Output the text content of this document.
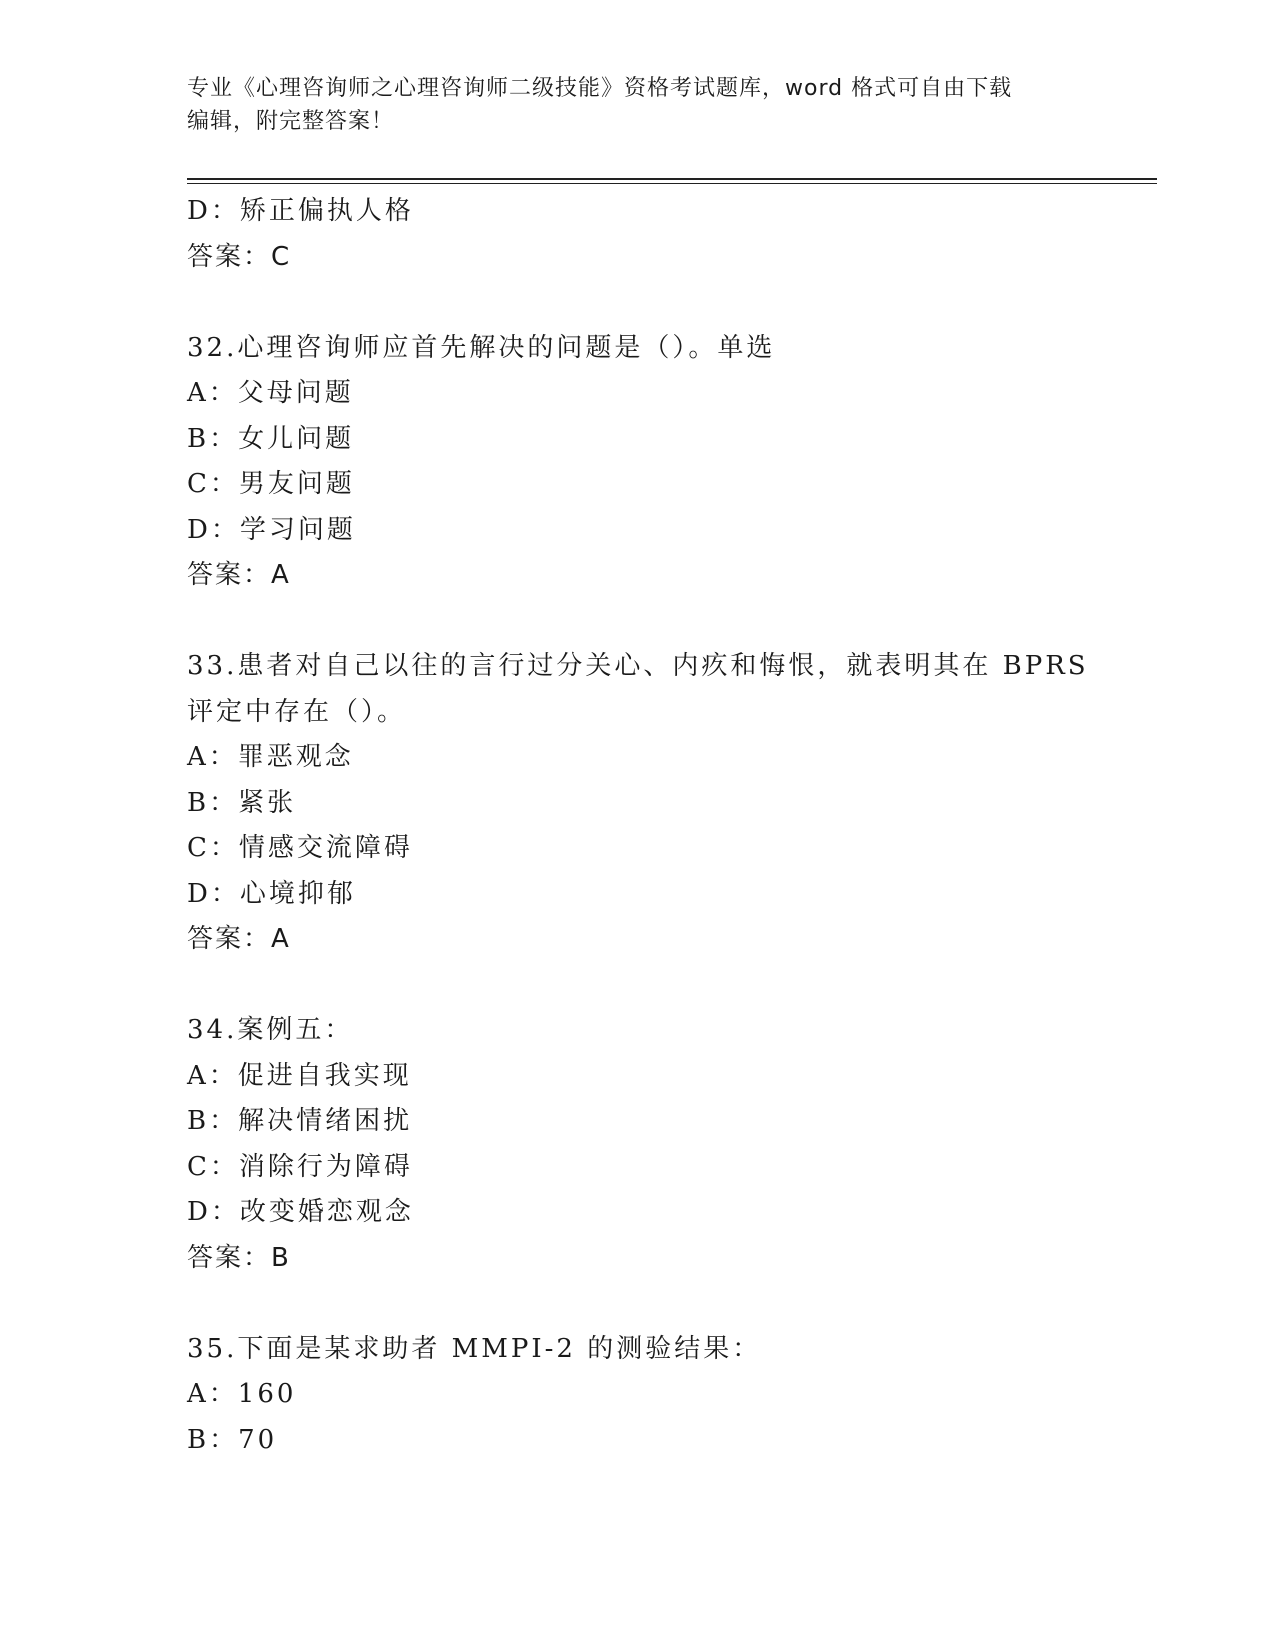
专业《心理咨询师之心理咨询师二级技能》资格考试题库，word 格式可自由下载
编辑，附完整答案！
D：矫正偏执人格
答案：C
32.心理咨询师应首先解决的问题是（）。单选
A：父母问题
B：女儿问题
C：男友问题
D：学习问题
答案：A
33.患者对自己以往的言行过分关心、内疚和悔恨，就表明其在 BPRS
评定中存在（）。
A：罪恶观念
B：紧张
C：情感交流障碍
D：心境抑郁
答案：A
34.案例五：
A：促进自我实现
B：解决情绪困扰
C：消除行为障碍
D：改变婚恋观念
答案：B
35.下面是某求助者 MMPI-2 的测验结果：
A：160
B：70
